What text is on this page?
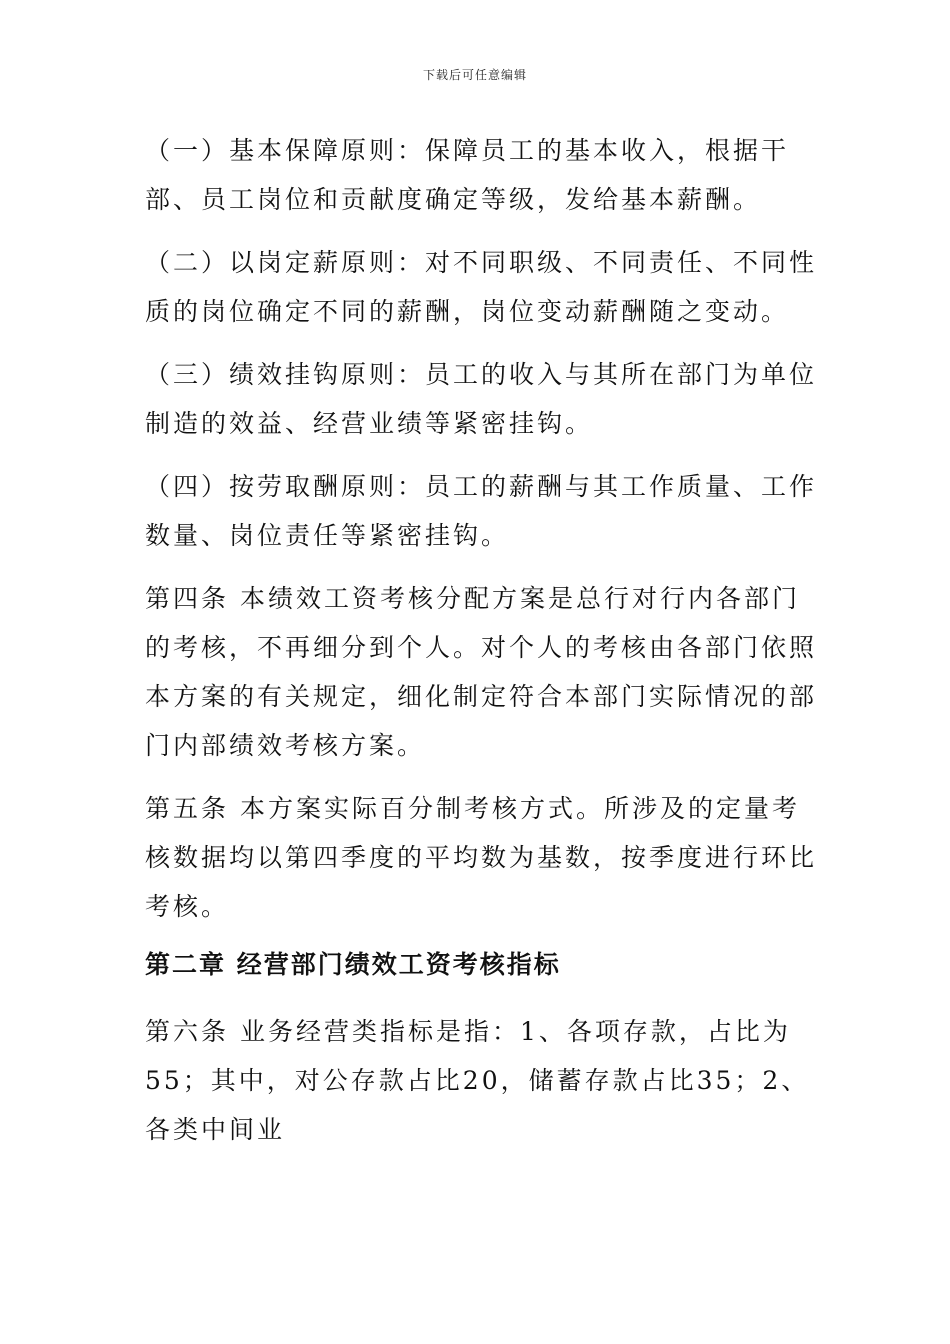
下载后可任意编辑

（一）基本保障原则：保障员工的基本收入，根据干部、员工岗位和贡献度确定等级，发给基本薪酬。

（二）以岗定薪原则：对不同职级、不同责任、不同性质的岗位确定不同的薪酬，岗位变动薪酬随之变动。

（三）绩效挂钩原则：员工的收入与其所在部门为单位制造的效益、经营业绩等紧密挂钩。

（四）按劳取酬原则：员工的薪酬与其工作质量、工作数量、岗位责任等紧密挂钩。

第四条 本绩效工资考核分配方案是总行对行内各部门的考核，不再细分到个人。对个人的考核由各部门依照本方案的有关规定，细化制定符合本部门实际情况的部门内部绩效考核方案。

第五条 本方案实际百分制考核方式。所涉及的定量考核数据均以第四季度的平均数为基数，按季度进行环比考核。

第二章 经营部门绩效工资考核指标

第六条 业务经营类指标是指：1、各项存款，占比为55；其中，对公存款占比20，储蓄存款占比35；2、各类中间业
